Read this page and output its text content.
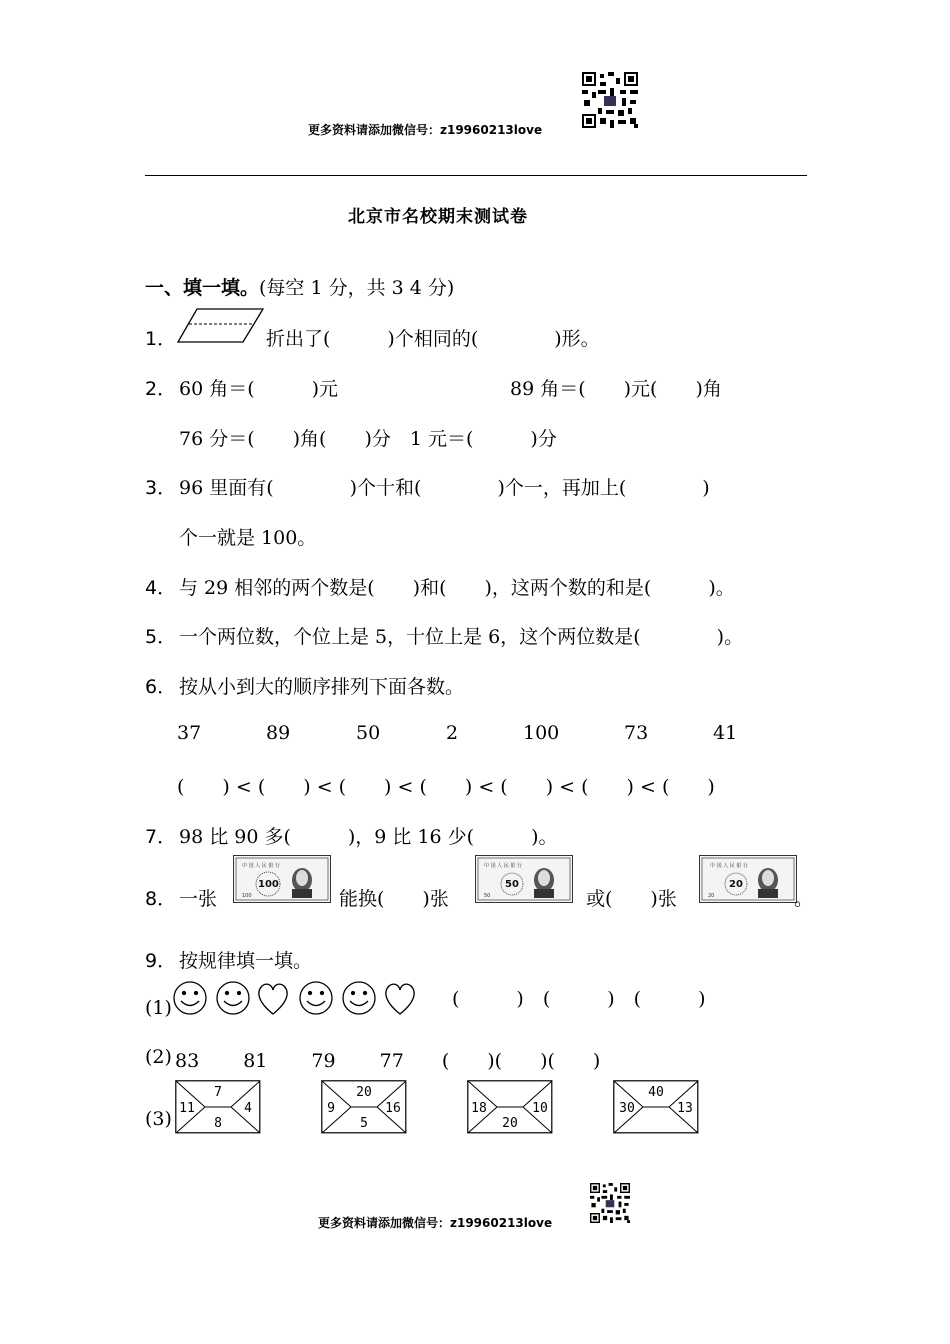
更多资料请添加微信号：z19960213love
北京市名校期末测试卷
一、填一填。(每空 1 分，共 3 4 分)
1．	折出了(　　　)个相同的(　　　　)形。
2． 60 角＝(　　　)元	89 角＝(　　)元(　　)角
76 分＝(　　)角(　　)分　1 元＝(　　　)分
3． 96 里面有(　　　　)个十和(　　　　)个一，再加上(　　　　)
个一就是 100。
4． 与 29 相邻的两个数是(　　)和(　　)，这两个数的和是(　　　)。
5． 一个两位数，个位上是 5，十位上是 6，这个两位数是(　　　　)。
6． 按从小到大的顺序排列下面各数。
37	89	50	2	100	73	41
(　　) < (　　) < (　　) < (　　) < (　　) < (　　) < (　　)
7． 98 比 90 多(　　　)，9 比 16 少(　　　)。
8． 一张
中 国 人 民 银 行
100
100	能换(　　)张
中 国 人 民 银 行
50
50	或(　　)张
中 国 人 民 银 行
20
20	。
9． 按规律填一填。
(1)	(　　　)　(　　　)　(　　　)
(2) 83　　 81　　 79　　 77　　(　　)(　　)(　　)
(3)
7
11	4
8
20
9	16
5
18	10
20
40
30	13
更多资料请添加微信号：z19960213love
